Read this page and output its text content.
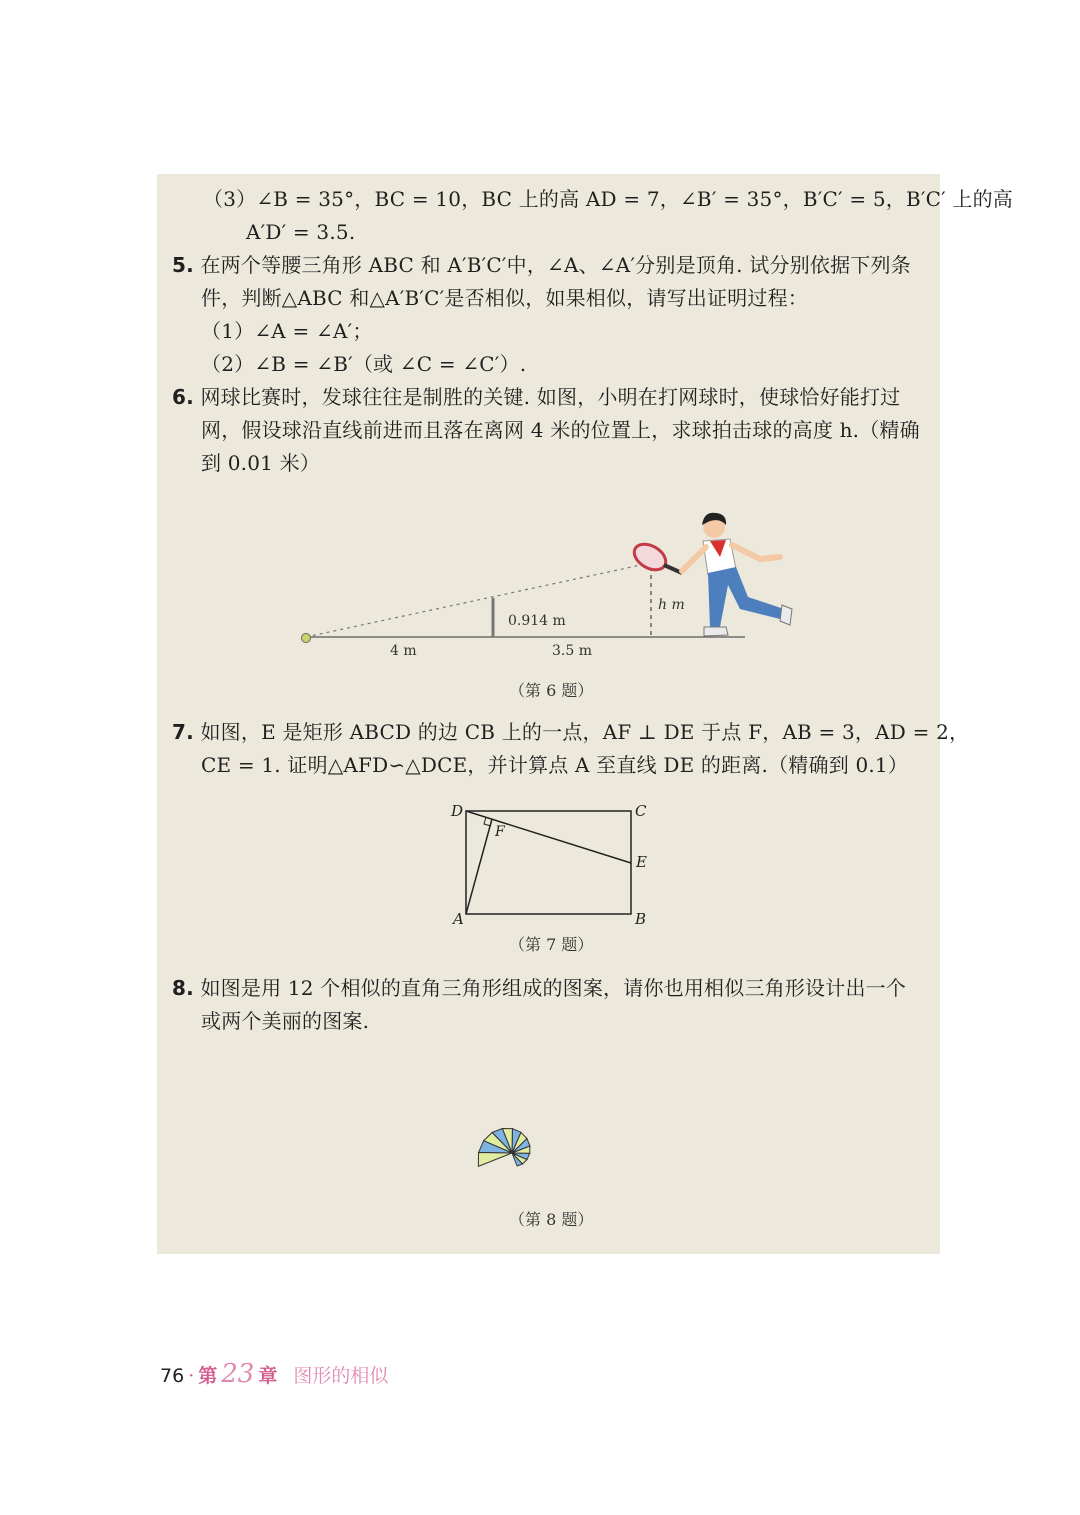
（3）∠B = 35°，BC = 10，BC 上的高 AD = 7，∠B′ = 35°，B′C′ = 5，B′C′ 上的高
A′D′ = 3.5.
5. 在两个等腰三角形 ABC 和 A′B′C′中，∠A、∠A′分别是顶角. 试分别依据下列条
件，判断△ABC 和△A′B′C′是否相似，如果相似，请写出证明过程：
（1）∠A = ∠A′；
（2）∠B = ∠B′（或 ∠C = ∠C′）.
6. 网球比赛时，发球往往是制胜的关键. 如图，小明在打网球时，使球恰好能打过
网，假设球沿直线前进而且落在离网 4 米的位置上，求球拍击球的高度 h.（精确
到 0.01 米）
0.914 m
4 m	3.5 m
h m
（第 6 题）
7. 如图，E 是矩形 ABCD 的边 CB 上的一点，AF ⊥ DE 于点 F，AB = 3，AD = 2，
CE = 1. 证明△AFD∽△DCE，并计算点 A 至直线 DE 的距离.（精确到 0.1）
D	C
E
A	B
F
（第 7 题）
8. 如图是用 12 个相似的直角三角形组成的图案，请你也用相似三角形设计出一个
或两个美丽的图案.
（第 8 题）
76 · 第 23 章 图形的相似
